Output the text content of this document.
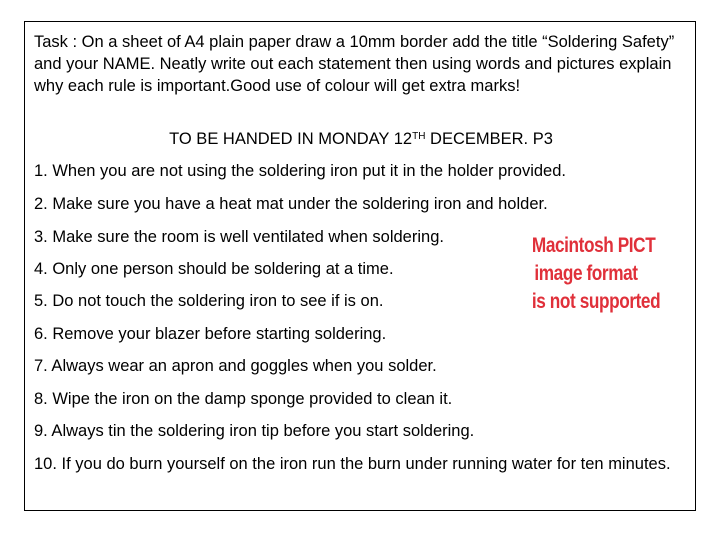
Task : On a sheet of A4 plain paper draw a 10mm border add the title “Soldering Safety” and your NAME. Neatly write out each statement then using words and pictures explain why each rule is important.Good use of colour will get extra marks!

TO BE HANDED IN MONDAY 12TH DECEMBER. P3

1. When you are not using the soldering iron put it in the holder provided.

2. Make sure you have a heat mat under the soldering iron and holder.

3. Make sure the room is well ventilated when soldering.

4. Only one person should be soldering at a time.

5. Do not touch the soldering iron to see if is on.

6. Remove your blazer before starting soldering.

7. Always wear an apron and goggles when you solder.

8. Wipe the iron on the damp sponge provided to clean it.

9. Always tin the soldering iron tip before you start soldering.

10. If you do burn yourself on the iron run the burn under running water for ten minutes.

Macintosh PICT
image format
is not supported
